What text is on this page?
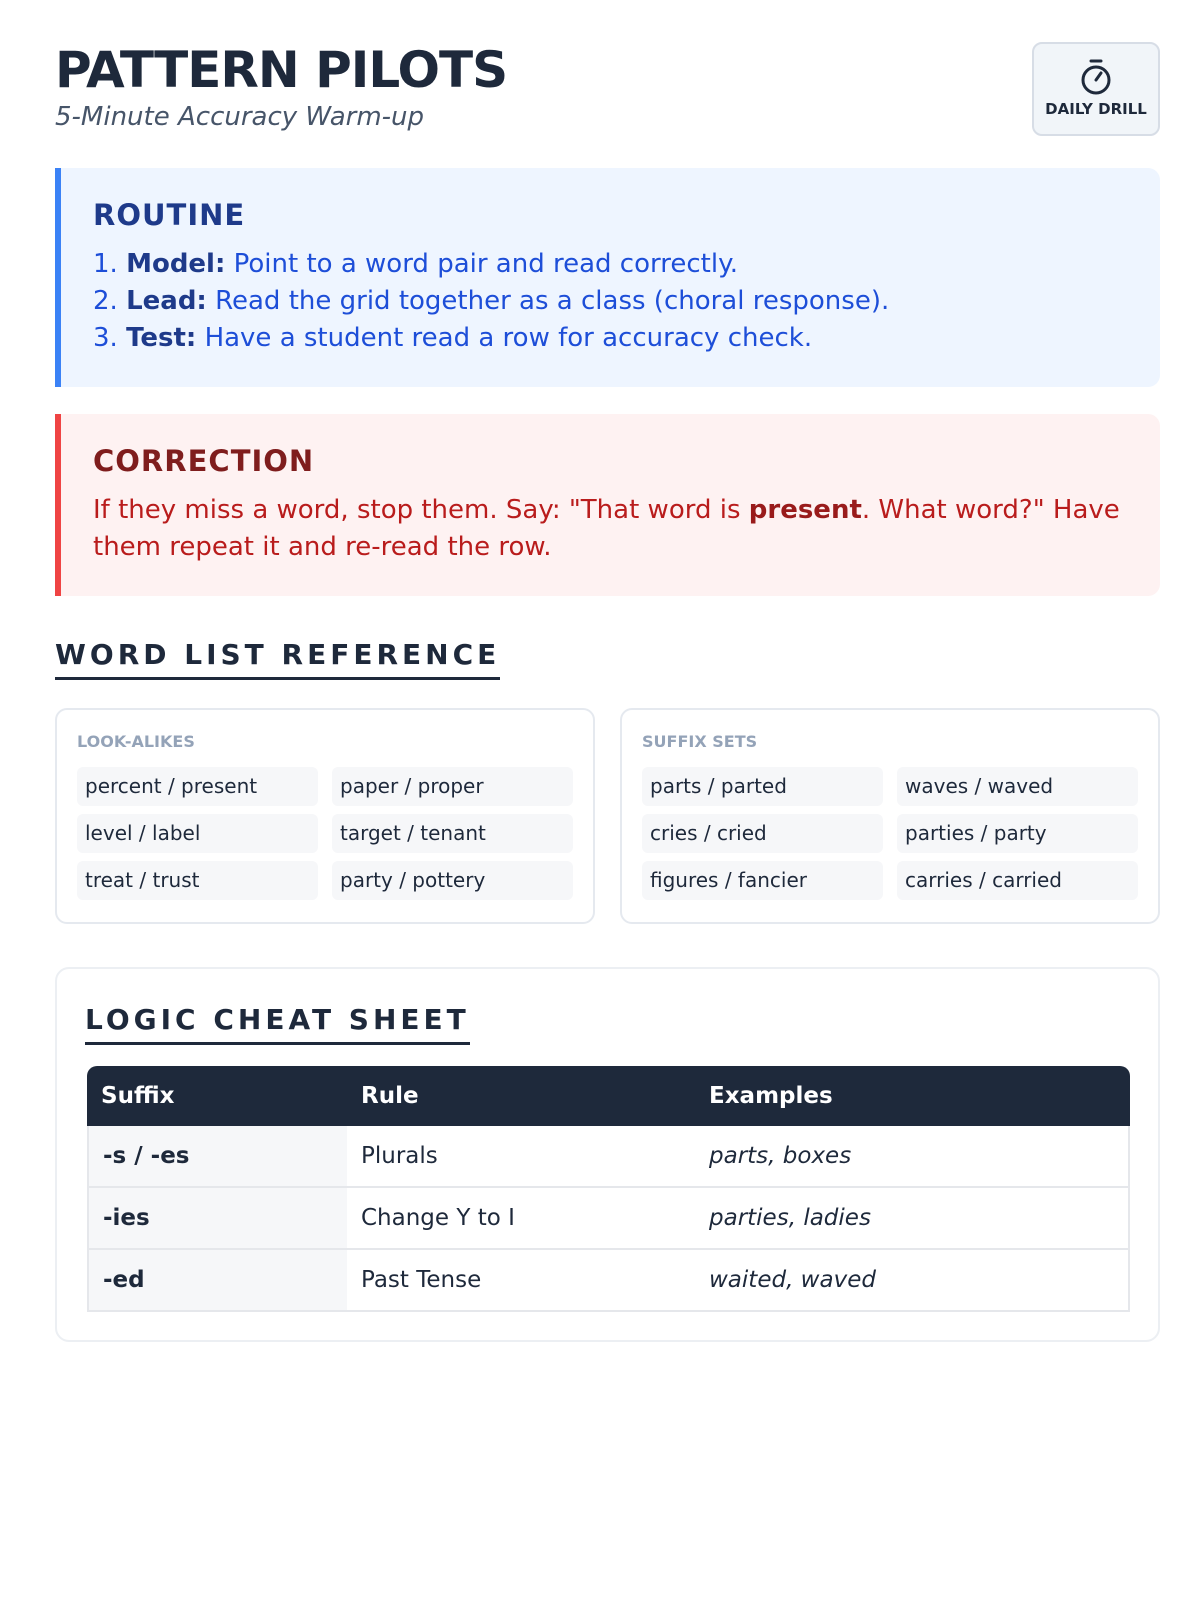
PATTERN PILOTS
5-Minute Accuracy Warm-up	DAILY DRILL
ROUTINE
1. Model: Point to a word pair and read correctly.
2. Lead: Read the grid together as a class (choral response).
3. Test: Have a student read a row for accuracy check.
CORRECTION
If they miss a word, stop them. Say: "That word is present. What word?" Have them repeat it and re-read the row.
WORD LIST REFERENCE
LOOK-ALIKES
percent / present	paper / proper
level / label	target / tenant
treat / trust	party / pottery
SUFFIX SETS
parts / parted	waves / waved
cries / cried	parties / party
figures / fancier	carries / carried
LOGIC CHEAT SHEET
Suffix	Rule	Examples
-s / -es	Plurals	parts, boxes
-ies	Change Y to I	parties, ladies
-ed	Past Tense	waited, waved
